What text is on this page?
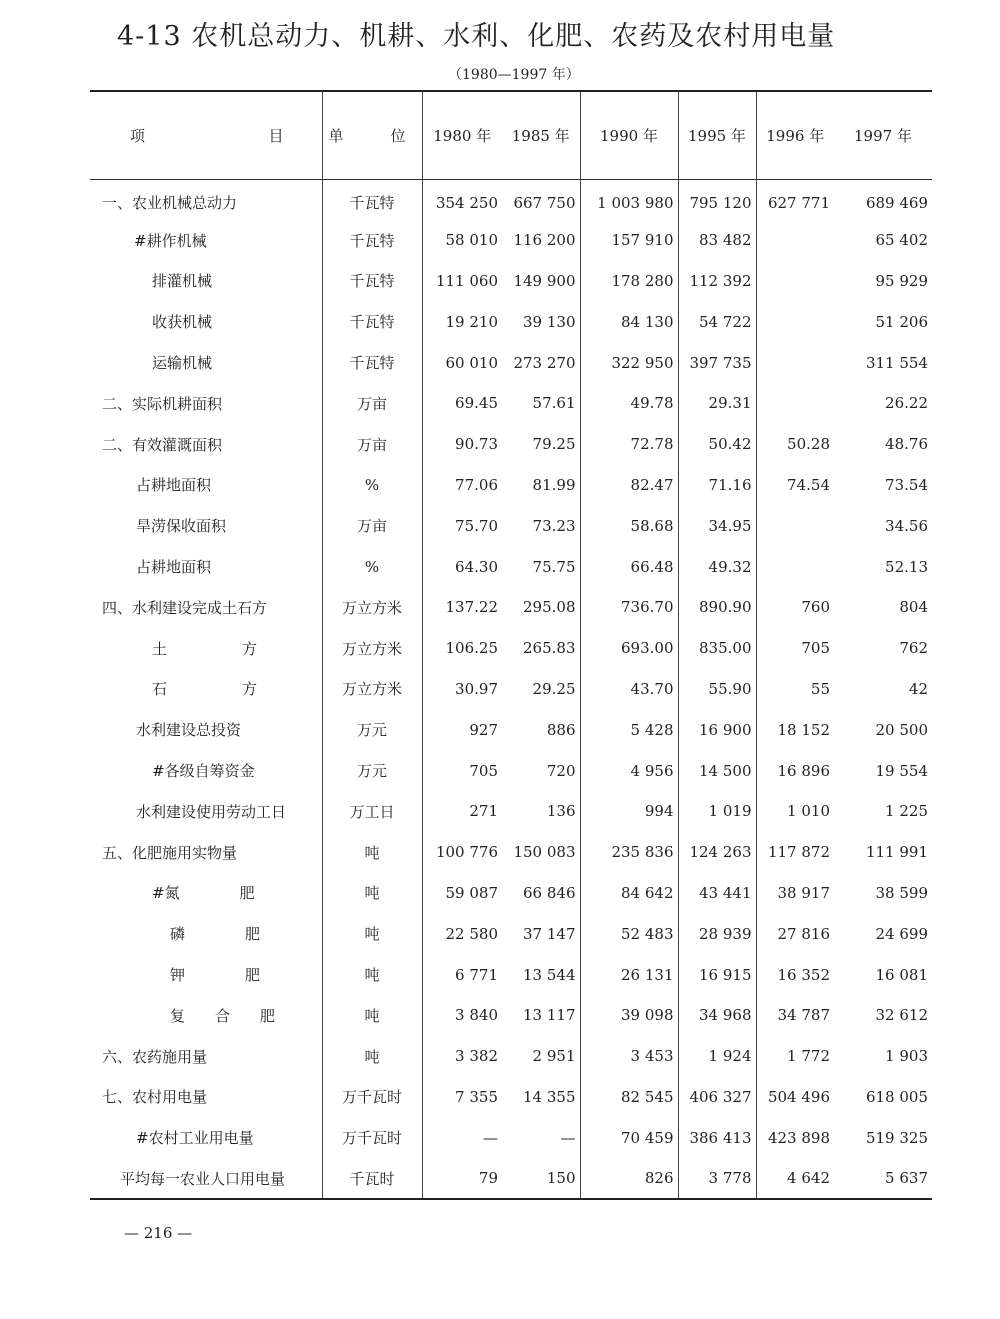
4-13 农机总动力、机耕、水利、化肥、农药及农村用电量
（1980—1997 年）
项 目	单 位	1980 年	1985 年	1990 年	1995 年	1996 年	1997 年
一、农业机械总动力	千瓦特	354 250	667 750	1 003 980	795 120	627 771	689 469
#耕作机械	千瓦特	58 010	116 200	157 910	83 482		65 402
排灌机械	千瓦特	111 060	149 900	178 280	112 392		95 929
收获机械	千瓦特	19 210	39 130	84 130	54 722		51 206
运输机械	千瓦特	60 010	273 270	322 950	397 735		311 554
二、实际机耕面积	万亩	69.45	57.61	49.78	29.31		26.22
二、有效灌溉面积	万亩	90.73	79.25	72.78	50.42	50.28	48.76
占耕地面积	%	77.06	81.99	82.47	71.16	74.54	73.54
旱涝保收面积	万亩	75.70	73.23	58.68	34.95		34.56
占耕地面积	%	64.30	75.75	66.48	49.32		52.13
四、水利建设完成土石方	万立方米	137.22	295.08	736.70	890.90	760	804
土　　　　　方	万立方米	106.25	265.83	693.00	835.00	705	762
石　　　　　方	万立方米	30.97	29.25	43.70	55.90	55	42
水利建设总投资	万元	927	886	5 428	16 900	18 152	20 500
#各级自筹资金	万元	705	720	4 956	14 500	16 896	19 554
水利建设使用劳动工日	万工日	271	136	994	1 019	1 010	1 225
五、化肥施用实物量	吨	100 776	150 083	235 836	124 263	117 872	111 991
#氮　　　　肥	吨	59 087	66 846	84 642	43 441	38 917	38 599
磷　　　　肥	吨	22 580	37 147	52 483	28 939	27 816	24 699
钾　　　　肥	吨	6 771	13 544	26 131	16 915	16 352	16 081
复　　合　　肥	吨	3 840	13 117	39 098	34 968	34 787	32 612
六、农药施用量	吨	3 382	2 951	3 453	1 924	1 772	1 903
七、农村用电量	万千瓦时	7 355	14 355	82 545	406 327	504 496	618 005
#农村工业用电量	万千瓦时	—	—	70 459	386 413	423 898	519 325
平均每一农业人口用电量	千瓦时	79	150	826	3 778	4 642	5 637
— 216 —
